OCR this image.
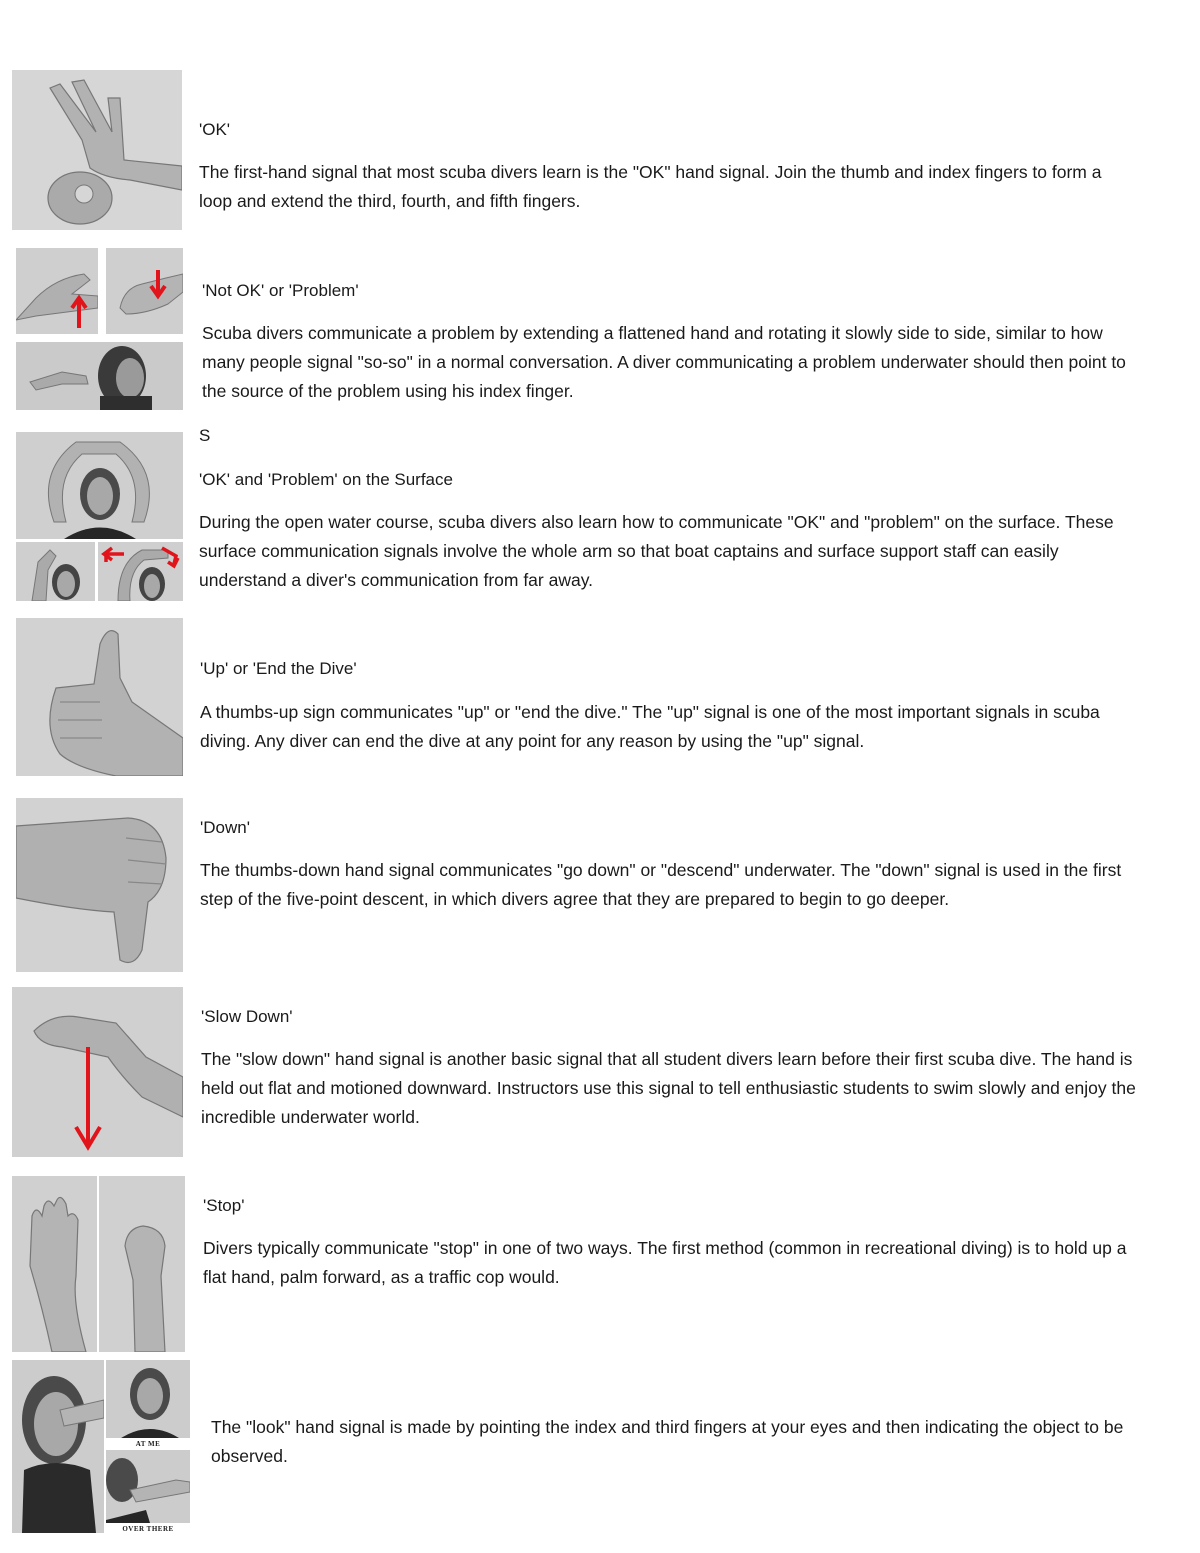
'OK'
The first-hand signal that most scuba divers learn is the "OK" hand signal. Join the thumb and index fingers to form a loop and extend the third, fourth, and fifth fingers.
'Not OK' or 'Problem'
Scuba divers communicate a problem by extending a flattened hand and rotating it slowly side to side, similar to how many people signal "so-so" in a normal conversation. A diver communicating a problem underwater should then point to the source of the problem using his index finger.
S
'OK' and 'Problem' on the Surface
During the open water course, scuba divers also learn how to communicate "OK" and "problem" on the surface. These surface communication signals involve the whole arm so that boat captains and surface support staff can easily understand a diver's communication from far away.
'Up' or 'End the Dive'
A thumbs-up sign communicates "up" or "end the dive." The "up" signal is one of the most important signals in scuba diving. Any diver can end the dive at any point for any reason by using the "up" signal.
'Down'
The thumbs-down hand signal communicates "go down" or "descend" underwater. The "down" signal is used in the first step of the five-point descent, in which divers agree that they are prepared to begin to go deeper.
'Slow Down'
The "slow down" hand signal is another basic signal that all student divers learn before their first scuba dive. The hand is held out flat and motioned downward. Instructors use this signal to tell enthusiastic students to swim slowly and enjoy the incredible underwater world.
'Stop'
Divers typically communicate "stop" in one of two ways. The first method (common in recreational diving) is to hold up a flat hand, palm forward, as a traffic cop would.
AT ME
OVER THERE
The "look" hand signal is made by pointing the index and third fingers at your eyes and then indicating the object to be observed.
